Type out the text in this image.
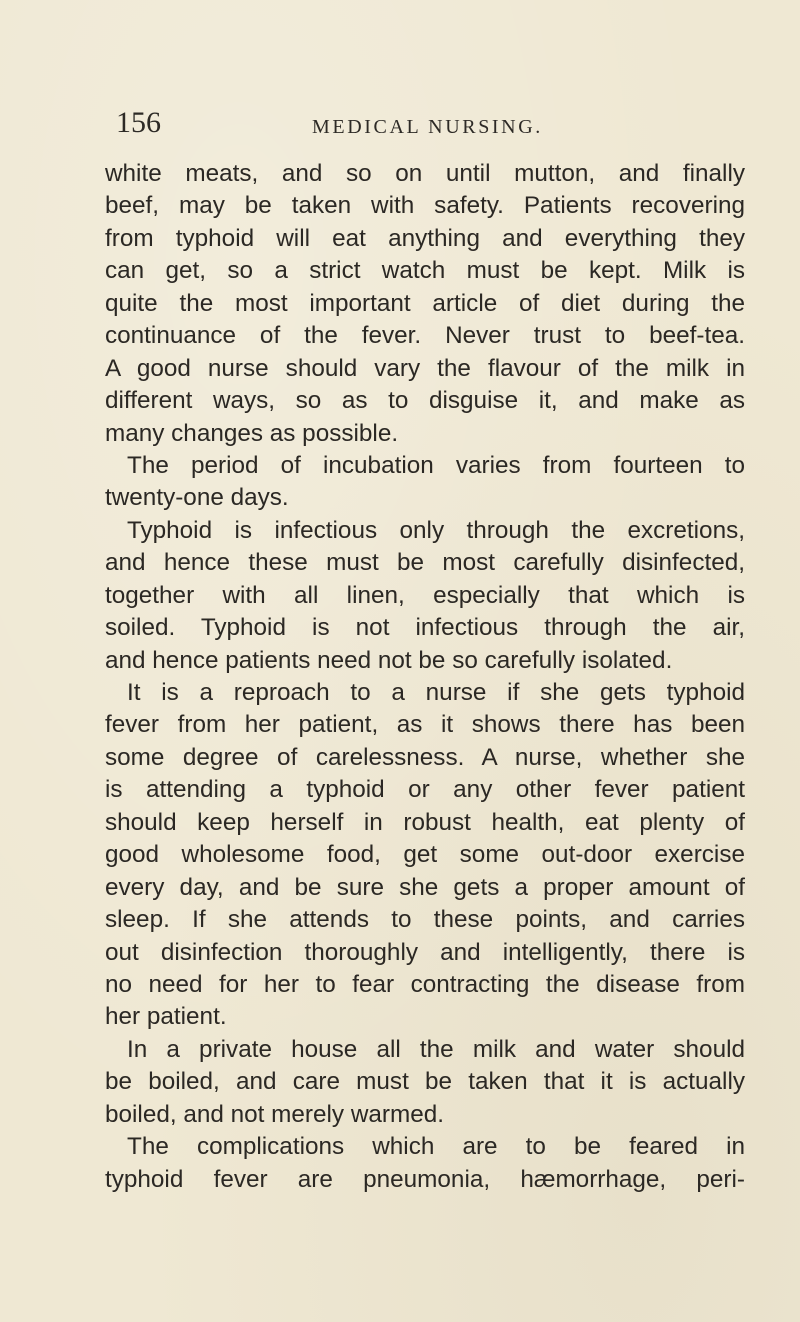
156	MEDICAL NURSING.
white meats, and so on until mutton, and finally
beef, may be taken with safety. Patients recovering
from typhoid will eat anything and everything they
can get, so a strict watch must be kept. Milk is
quite the most important article of diet during the
continuance of the fever. Never trust to beef-tea.
A good nurse should vary the flavour of the milk in
different ways, so as to disguise it, and make as
many changes as possible.
The period of incubation varies from fourteen to
twenty-one days.
Typhoid is infectious only through the excretions,
and hence these must be most carefully disinfected,
together with all linen, especially that which is
soiled. Typhoid is not infectious through the air,
and hence patients need not be so carefully isolated.
It is a reproach to a nurse if she gets typhoid
fever from her patient, as it shows there has been
some degree of carelessness. A nurse, whether she
is attending a typhoid or any other fever patient
should keep herself in robust health, eat plenty of
good wholesome food, get some out-door exercise
every day, and be sure she gets a proper amount of
sleep. If she attends to these points, and carries
out disinfection thoroughly and intelligently, there is
no need for her to fear contracting the disease from
her patient.
In a private house all the milk and water should
be boiled, and care must be taken that it is actually
boiled, and not merely warmed.
The complications which are to be feared in
typhoid fever are pneumonia, hæmorrhage, peri-
